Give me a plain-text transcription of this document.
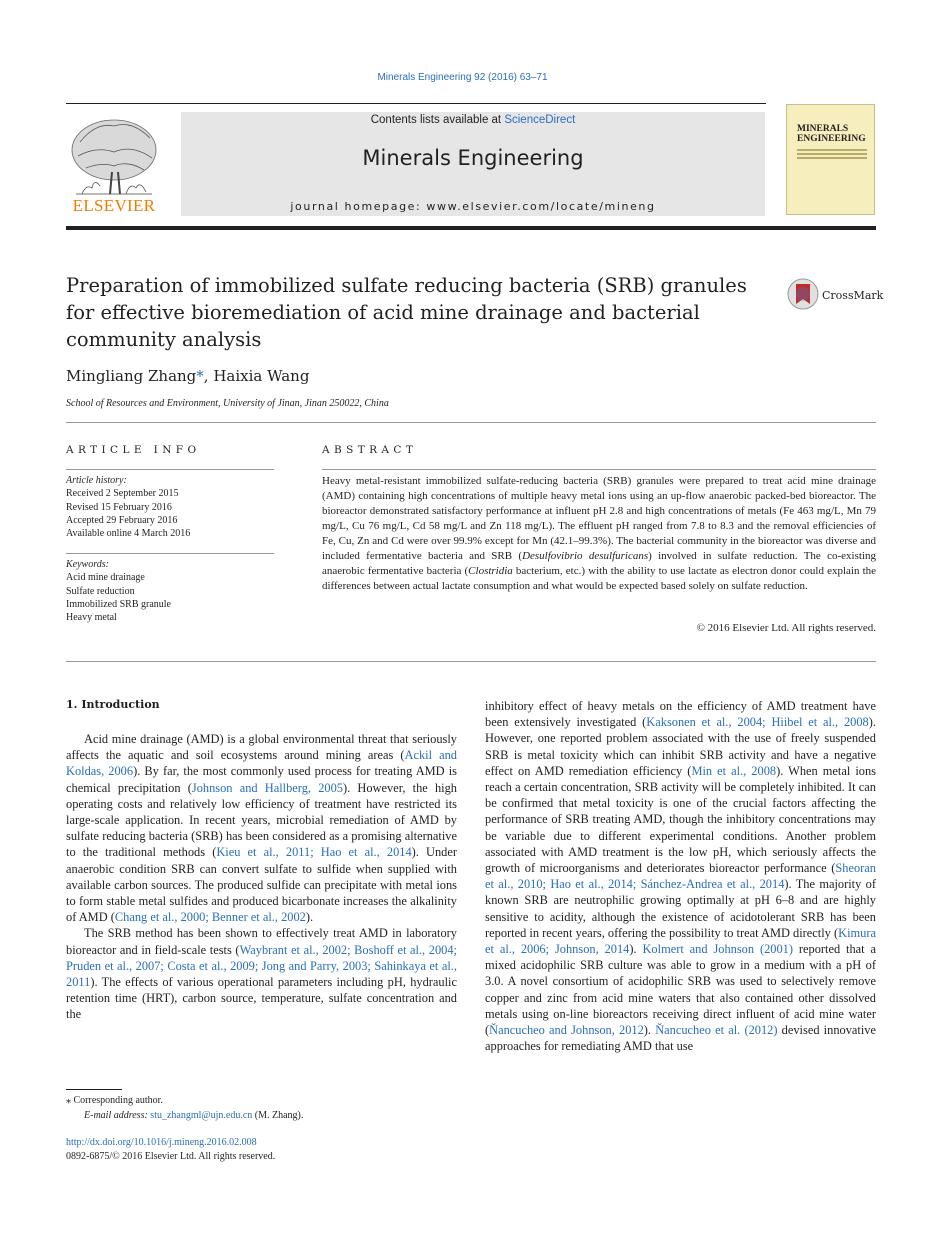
Minerals Engineering 92 (2016) 63–71
ELSEVIER
Contents lists available at ScienceDirect
Minerals Engineering
journal homepage: www.elsevier.com/locate/mineng
MINERALS ENGINEERING
Preparation of immobilized sulfate reducing bacteria (SRB) granules for effective bioremediation of acid mine drainage and bacterial community analysis
CrossMark
Mingliang Zhang*, Haixia Wang
School of Resources and Environment, University of Jinan, Jinan 250022, China
ARTICLE INFO
Article history:
Received 2 September 2015
Revised 15 February 2016
Accepted 29 February 2016
Available online 4 March 2016
Keywords:
Acid mine drainage
Sulfate reduction
Immobilized SRB granule
Heavy metal
ABSTRACT
Heavy metal-resistant immobilized sulfate-reducing bacteria (SRB) granules were prepared to treat acid mine drainage (AMD) containing high concentrations of multiple heavy metal ions using an up-flow anaerobic packed-bed bioreactor. The bioreactor demonstrated satisfactory performance at influent pH 2.8 and high concentrations of metals (Fe 463 mg/L, Mn 79 mg/L, Cu 76 mg/L, Cd 58 mg/L and Zn 118 mg/L). The effluent pH ranged from 7.8 to 8.3 and the removal efficiencies of Fe, Cu, Zn and Cd were over 99.9% except for Mn (42.1–99.3%). The bacterial community in the bioreactor was diverse and included fermentative bacteria and SRB (Desulfovibrio desulfuricans) involved in sulfate reduction. The co-existing anaerobic fermentative bacteria (Clostridia bacterium, etc.) with the ability to use lactate as electron donor could explain the differences between actual lactate consumption and what would be expected based solely on sulfate reduction.
© 2016 Elsevier Ltd. All rights reserved.
1. Introduction

Acid mine drainage (AMD) is a global environmental threat that seriously affects the aquatic and soil ecosystems around mining areas (Ackil and Koldas, 2006). By far, the most commonly used process for treating AMD is chemical precipitation (Johnson and Hallberg, 2005). However, the high operating costs and relatively low efficiency of treatment have restricted its large-scale application. In recent years, microbial remediation of AMD by sulfate reducing bacteria (SRB) has been considered as a promising alternative to the traditional methods (Kieu et al., 2011; Hao et al., 2014). Under anaerobic condition SRB can convert sulfate to sulfide when supplied with available carbon sources. The produced sulfide can precipitate with metal ions to form stable metal sulfides and produced bicarbonate increases the alkalinity of AMD (Chang et al., 2000; Benner et al., 2002).

The SRB method has been shown to effectively treat AMD in laboratory bioreactor and in field-scale tests (Waybrant et al., 2002; Boshoff et al., 2004; Pruden et al., 2007; Costa et al., 2009; Jong and Parry, 2003; Sahinkaya et al., 2011). The effects of various operational parameters including pH, hydraulic retention time (HRT), carbon source, temperature, sulfate concentration and the

inhibitory effect of heavy metals on the efficiency of AMD treatment have been extensively investigated (Kaksonen et al., 2004; Hiibel et al., 2008). However, one reported problem associated with the use of freely suspended SRB is metal toxicity which can inhibit SRB activity and have a negative effect on AMD remediation efficiency (Min et al., 2008). When metal ions reach a certain concentration, SRB activity will be completely inhibited. It can be confirmed that metal toxicity is one of the crucial factors affecting the performance of SRB treating AMD, though the inhibitory concentrations may be variable due to different experimental conditions. Another problem associated with AMD treatment is the low pH, which seriously affects the growth of microorganisms and deteriorates bioreactor performance (Sheoran et al., 2010; Hao et al., 2014; Sánchez-Andrea et al., 2014). The majority of known SRB are neutrophilic growing optimally at pH 6–8 and are highly sensitive to acidity, although the existence of acidotolerant SRB has been reported in recent years, offering the possibility to treat AMD directly (Kimura et al., 2006; Johnson, 2014). Kolmert and Johnson (2001) reported that a mixed acidophilic SRB culture was able to grow in a medium with a pH of 3.0. A novel consortium of acidophilic SRB was used to selectively remove copper and zinc from acid mine waters that also contained other dissolved metals using on-line bioreactors receiving direct influent of acid mine water (Ňancucheo and Johnson, 2012). Ňancucheo et al. (2012) devised innovative approaches for remediating AMD that use

⁎ Corresponding author.
E-mail address: stu_zhangml@ujn.edu.cn (M. Zhang).
http://dx.doi.org/10.1016/j.mineng.2016.02.008
0892-6875/© 2016 Elsevier Ltd. All rights reserved.
